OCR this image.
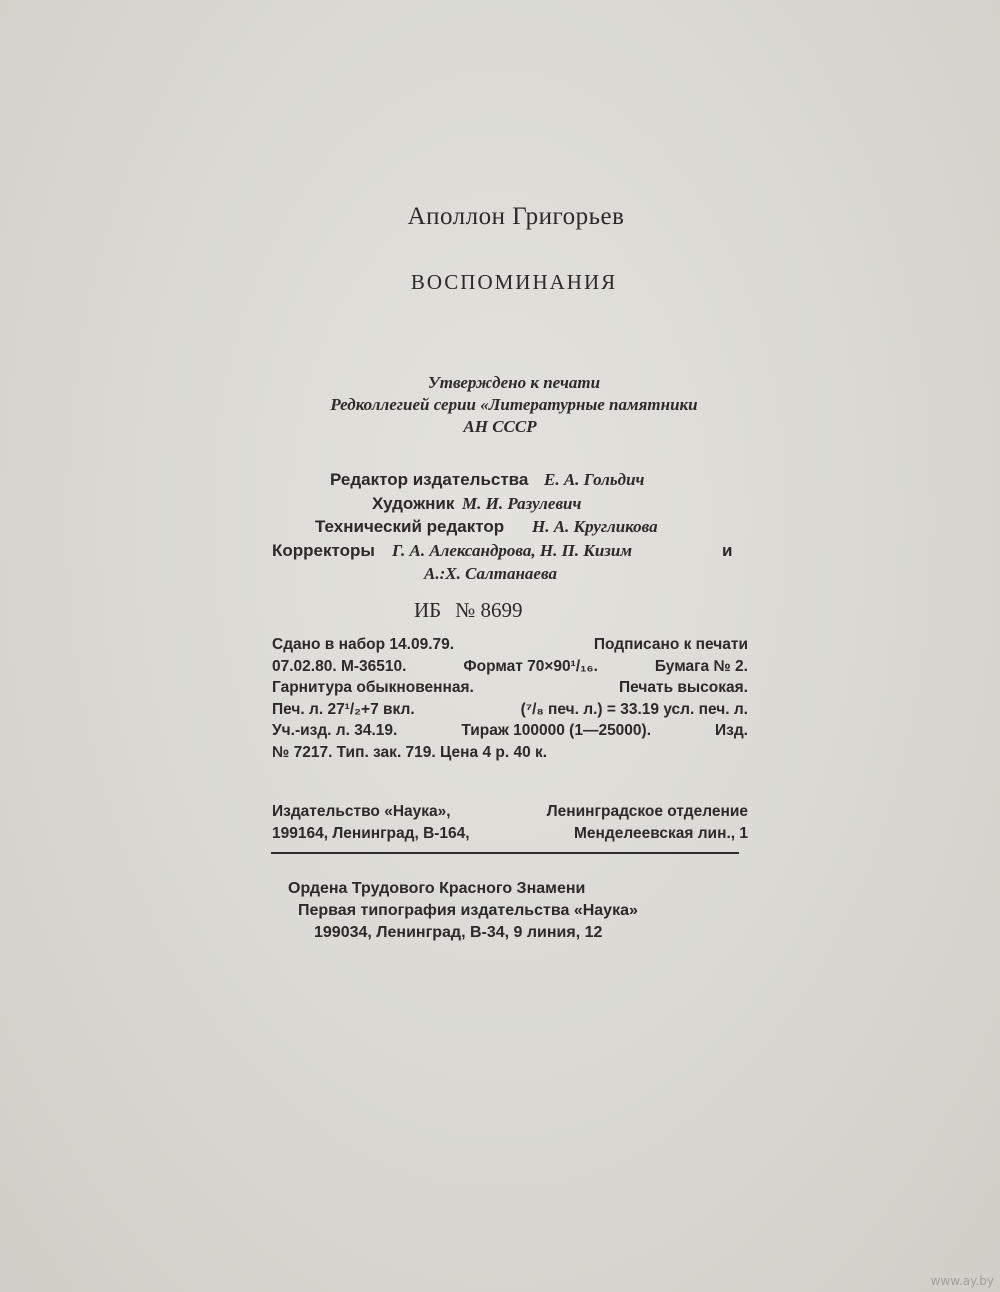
Аполлон Григорьев
ВОСПОМИНАНИЯ
Утверждено к печати
Редколлегией серии «Литературные памятники
АН СССР
Редактор издательства Е. А. Гольдич
Художник М. И. Разулевич
Технический редактор Н. А. Кругликова
Корректоры Г. А. Александрова, Н. П. Кизим	и
А.:Х. Салтанаева
ИБ № 8699
Сдано в набор 14.09.79.	Подписано к печати
07.02.80. М-36510.	Формат 70×90¹/₁₆.	Бумага № 2.
Гарнитура обыкновенная.	Печать высокая.
Печ. л. 27¹/₂+7 вкл.	(⁷/₈ печ. л.) = 33.19 усл. печ. л.
Уч.-изд. л. 34.19.	Тираж 100000 (1—25000).	Изд.
№ 7217. Тип. зак. 719. Цена 4 р. 40 к.
Издательство «Наука»,	Ленинградское отделение
199164, Ленинград, В-164,	Менделеевская лин., 1
Ордена Трудового Красного Знамени
Первая типография издательства «Наука»
199034, Ленинград, В-34, 9 линия, 12
www.ay.by
